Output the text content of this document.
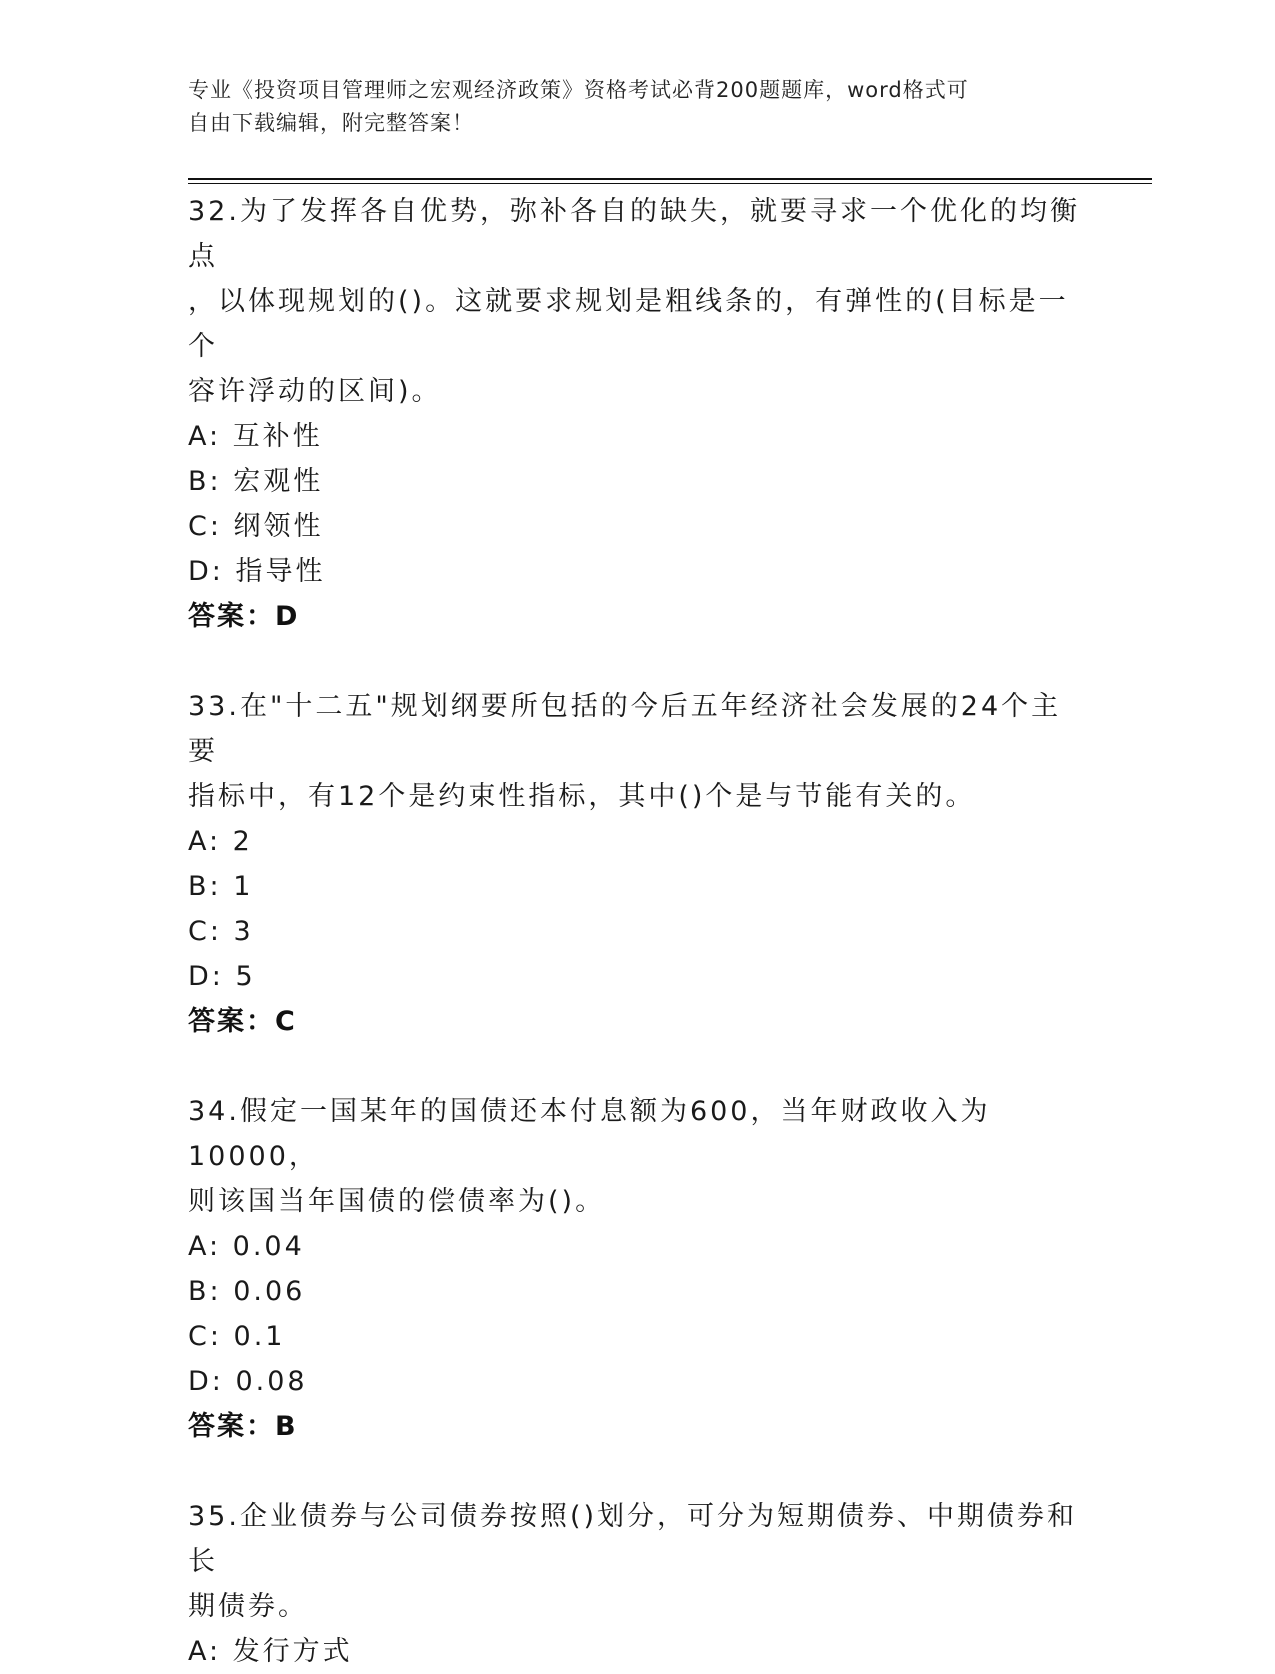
专业《投资项目管理师之宏观经济政策》资格考试必背200题题库，word格式可
自由下载编辑，附完整答案！

32.为了发挥各自优势，弥补各自的缺失，就要寻求一个优化的均衡点

，以体现规划的()。这就要求规划是粗线条的，有弹性的(目标是一个

容许浮动的区间)。

A: 互补性

B: 宏观性

C: 纲领性

D: 指导性

答案：D

33.在"十二五"规划纲要所包括的今后五年经济社会发展的24个主要

指标中，有12个是约束性指标，其中()个是与节能有关的。

A: 2

B: 1

C: 3

D: 5

答案：C

34.假定一国某年的国债还本付息额为600，当年财政收入为10000，

则该国当年国债的偿债率为()。

A: 0.04

B: 0.06

C: 0.1

D: 0.08

答案：B

35.企业债券与公司债券按照()划分，可分为短期债券、中期债券和长

期债券。

A: 发行方式
